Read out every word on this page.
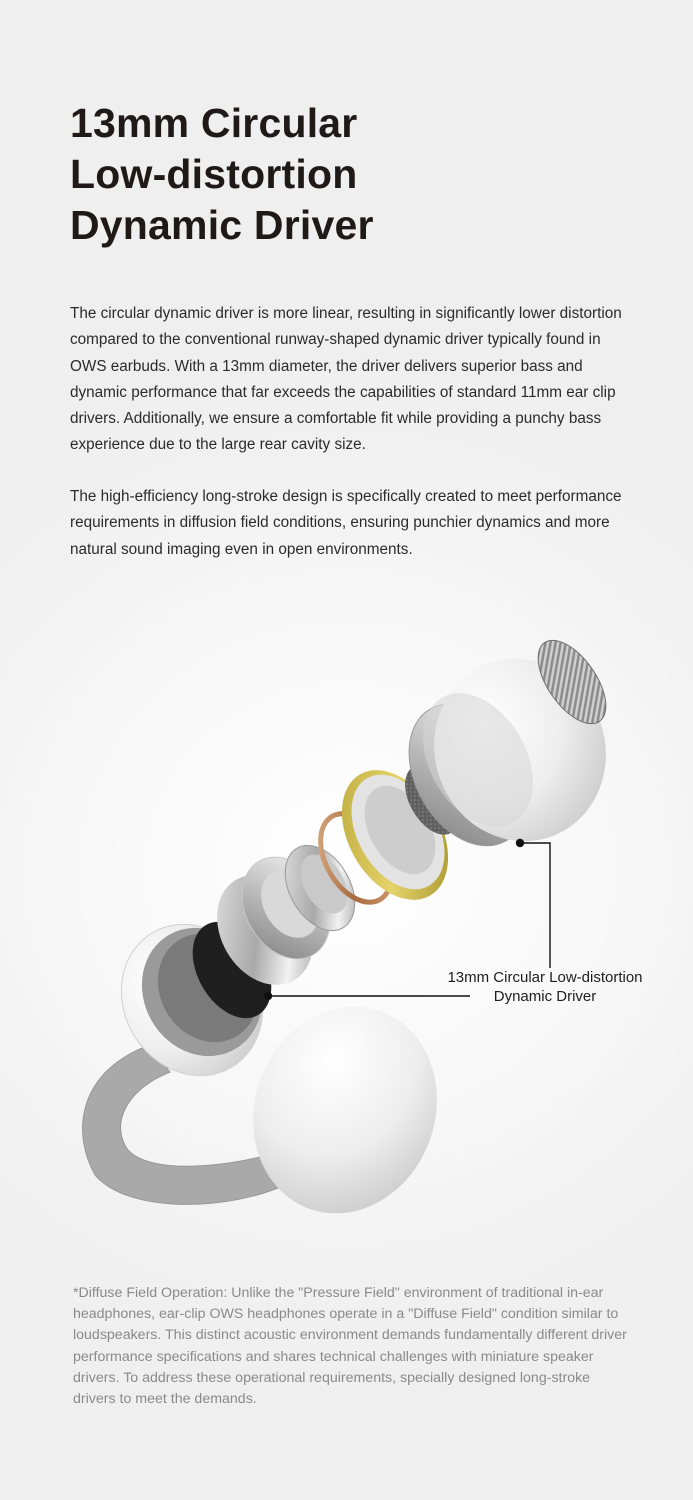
13mm Circular
Low-distortion
Dynamic Driver

The circular dynamic driver is more linear, resulting in significantly lower distortion compared to the conventional runway-shaped dynamic driver typically found in OWS earbuds. With a 13mm diameter, the driver delivers superior bass and dynamic performance that far exceeds the capabilities of standard 11mm ear clip drivers. Additionally, we ensure a comfortable fit while providing a punchy bass experience due to the large rear cavity size.

The high-efficiency long-stroke design is specifically created to meet performance requirements in diffusion field conditions, ensuring punchier dynamics and more natural sound imaging even in open environments.

13mm Circular Low-distortion
Dynamic Driver

*Diffuse Field Operation: Unlike the "Pressure Field" environment of traditional in-ear headphones, ear-clip OWS headphones operate in a "Diffuse Field" condition similar to loudspeakers. This distinct acoustic environment demands fundamentally different driver performance specifications and shares technical challenges with miniature speaker drivers. To address these operational requirements, specially designed long-stroke drivers to meet the demands.
